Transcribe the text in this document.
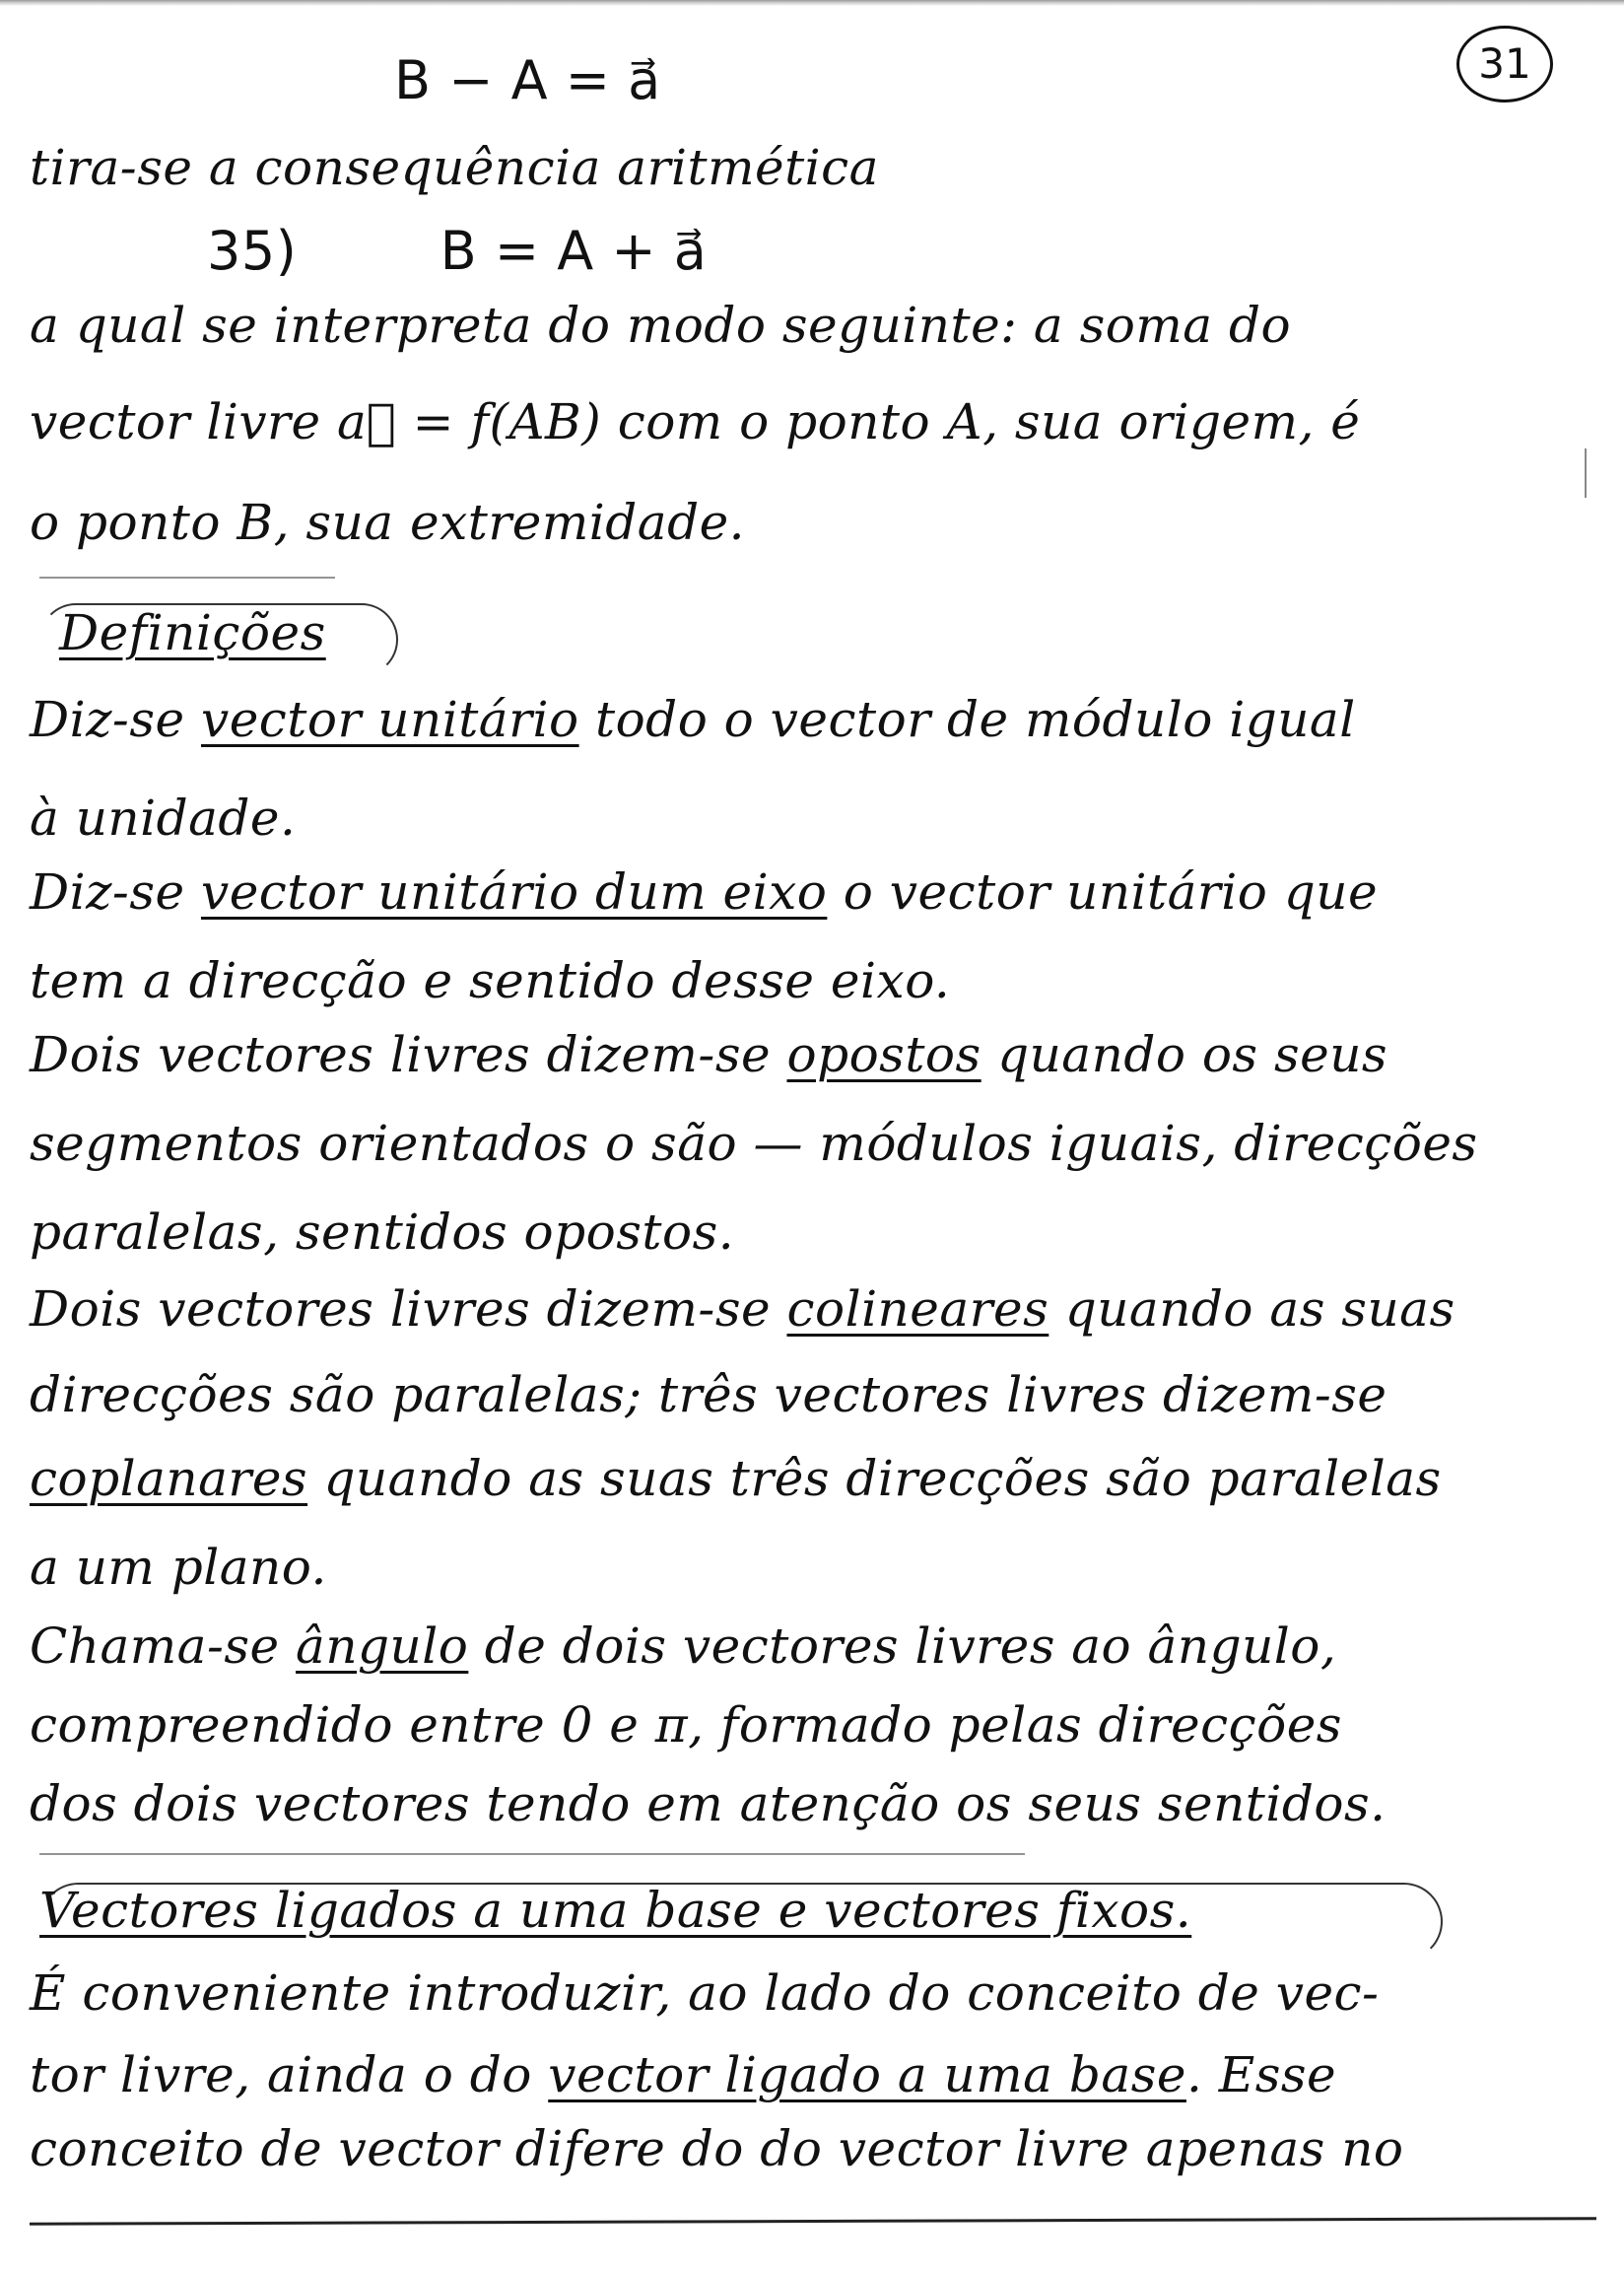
31
B − A = a⃗
tira-se a consequência aritmética
35)	B = A + a⃗
a qual se interpreta do modo seguinte: a soma do
vector livre a⃗ = f(AB) com o ponto A, sua origem, é
o ponto B, sua extremidade.
Definições
Diz-se vector unitário todo o vector de módulo igual
à unidade.
Diz-se vector unitário dum eixo o vector unitário que
tem a direcção e sentido desse eixo.
Dois vectores livres dizem-se opostos quando os seus
segmentos orientados o são — módulos iguais, direcções
paralelas, sentidos opostos.
Dois vectores livres dizem-se colineares quando as suas
direcções são paralelas; três vectores livres dizem-se
coplanares quando as suas três direcções são paralelas
a um plano.
Chama-se ângulo de dois vectores livres ao ângulo,
compreendido entre 0 e π, formado pelas direcções
dos dois vectores tendo em atenção os seus sentidos.
Vectores ligados a uma base e vectores fixos.
É conveniente introduzir, ao lado do conceito de vec-
tor livre, ainda o do vector ligado a uma base. Esse
conceito de vector difere do do vector livre apenas no
